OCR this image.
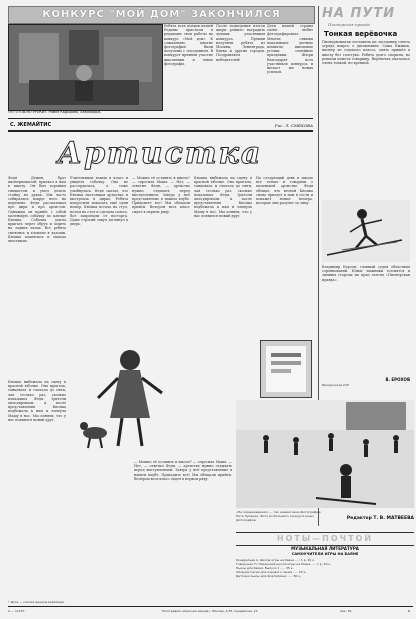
КОНКУРС "МОЙ ДОМ" ЗАКОНЧИЛСЯ
«Я ГОТОВЛЮ УРОКИ». Рамиз Кадырова, Азербайдж.
Ребята всех концов нашей Родины прислали в редакцию свои работы на конкурс «Мой дом». К сожалению, многие фотографии были получены с опозданием. В конкурсе приняли участие школьники и юные фотографы.
После подведения итогов жюри решило наградить лучших участников конкурса. Премии получили ребята из Москвы, Ленинграда, Киева и других городов. Поздравляем победителей!
Дети нашей страны очень любят фотографировать. Многие снимки показывают уютные комнаты, школьные уголки, семейные праздники. Жюри благодарит всех участников конкурса и желает им новых успехов.
НА ПУТИ
Пионерская правда
Тонкая верёвочка
Пионервожатая поставила на заседании совета отряда вопрос о дисциплине. Саша Ёжиков, пионер из седьмого класса, опять пришёл в школу без галстука. Ребята долго спорили, но решили помочь товарищу. Верёвочка оказалась очень тонкой, но крепкой.
Владимир Керзон, главный судья областных соревнований. Юные лыжники готовятся к зимним стартам на приз газеты «Пионерская правда».
В. ЕРОХОВ
Белорусская ССР
С. ЖЕМАЙТИС	Рис. Л. СМЕХОВА
Артистка
Федя Демин, брат пионервожатой, приехал к нам в школу. Он был хорошим гимнастом и умел делать стойку на руках. Мы часто собирались вокруг него на перемене. Федя рассказывал про цирк и про артистов. Однажды он принёс с собой маленькую собачку по кличке Кнопка. Собачка умела прыгать через обруч и ходить на задних лапах. Все ребята смеялись и хлопали в ладоши. Кнопка кланялась и махала хвостиком.
Учительница вошла в класс и увидела собачку. Она не рассердилась, а тоже улыбнулась. Федя сказал, что Кнопка настоящая артистка и выступала в цирке. Ребята попросили показать ещё один номер. Кнопка встала на стул, потом на стол и сделала сальто. Все закричали от восторга. Даже строгий завуч заглянул в дверь.
— Можно её оставить в школе? — спросила Маша. — Нет, — ответил Федя, — артистке нужно отдыхать перед выступлением. Завтра у неё представление в нашем клубе. Приходите все! Мы обещали прийти. Вечером весь класс сидел в первом ряду.
Кнопка выбежала на сцену в красной юбочке. Она прыгала, танцевала и считала до пяти, лая столько раз, сколько показывал Федя. Зрители аплодировали. А после представления Кнопка подбежала к нам и лизнула Машу в нос. Мы поняли, что у нас появился новый друг.
На следующий день в школе все только и говорили о маленькой артистке. Федя обещал, что весной Кнопка снова приедет к нам в гости и покажет новые номера, которые они разучат за зиму.
Кнопка выбежала на сцену в красной юбочке. Она прыгала, танцевала и считала до пяти, лая столько раз, сколько показывал Федя. Зрители аплодировали. А после представления Кнопка подбежала к нам и лизнула Машу в нос. Мы поняли, что у нас появился новый друг.
— Можно её оставить в школе? — спросила Маша. — Нет, — ответил Федя, — артистке нужно отдыхать перед выступлением. Завтра у неё представление в нашем клубе. Приходите все! Мы обещали прийти. Вечером весь класс сидел в первом ряду.
* Дота — кличка щенков верблюда.
«На соревнованиях» — так назвал свою фотографию Петя Луканин. Фото из большого конкурса юных фотографов.	Редактор Т. В. МАТВЕЕВА
НОТЫ—ПОЧТОЙ
МУЗЫКАЛЬНАЯ ЛИТЕРАТУРА
САМОУЧИТЕЛИ ИГРЫ НА БАЯНЕ
Кондратьев А. Школа игры на баяне ..... 1 р. 10 к.
Говорушко П. Начальная школа игры на баяне ..... 1 р. 40 к.
Пьесы для баяна. Выпуск 1 ..... 35 к.
Сборник песен для хорового пения ..... 50 к.
Детские пьесы для фортепиано ..... 80 к.
А — 11237.	Типография «Красная звезда». Москва, А-55, Сущёвская, 21.	Зак. 30.	1
